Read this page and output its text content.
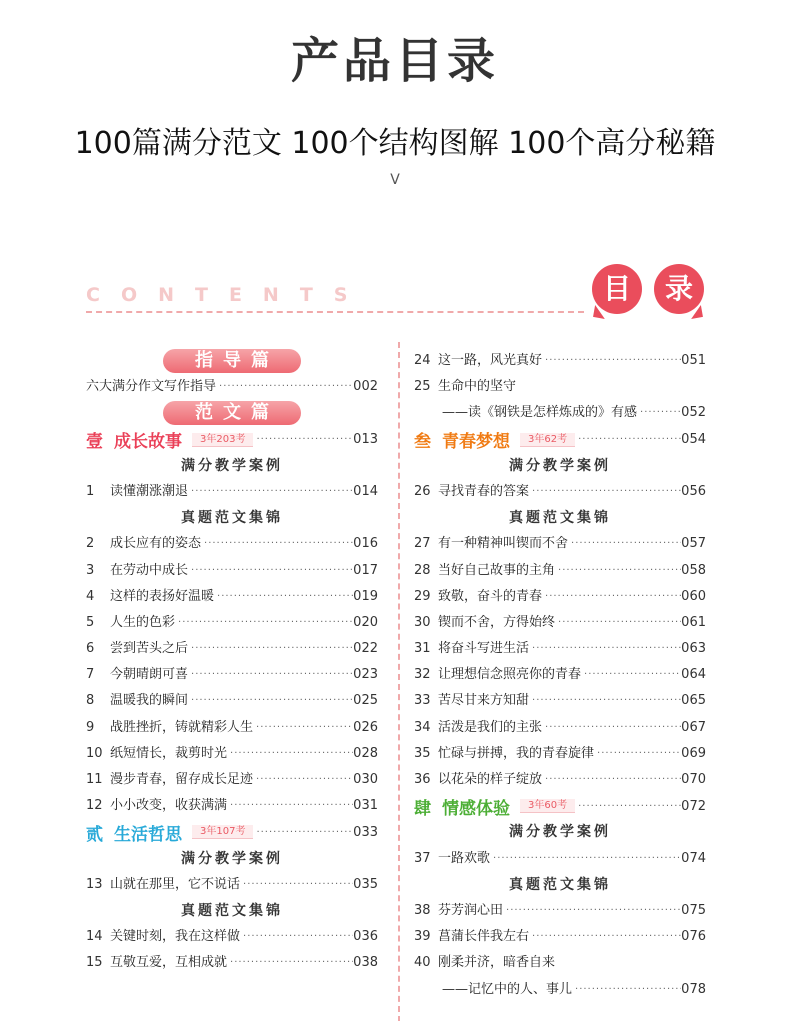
产品目录
100篇满分范文 100个结构图解 100个高分秘籍
V
CONTENTS	目	录
指导篇
六大满分作文写作指导 ·····	002
范文篇
壹 成长故事	3年203考 ·····	013
满分教学案例
1	读懂潮涨潮退 ·····	014
真题范文集锦
2	成长应有的姿态 ·····	016
3	在劳动中成长 ·····	017
4	这样的表扬好温暖 ·····	019
5	人生的色彩 ·····	020
6	尝到苦头之后 ·····	022
7	今朝晴朗可喜 ·····	023
8	温暖我的瞬间 ·····	025
9	战胜挫折，铸就精彩人生 ·····	026
10 纸短情长，裁剪时光 ·····	028
11 漫步青春，留存成长足迹 ·····	030
12 小小改变，收获满满 ·····	031
贰 生活哲思	3年107考 ·····	033
满分教学案例
13 山就在那里，它不说话 ·····	035
真题范文集锦
14 关键时刻，我在这样做 ·····	036
15 互敬互爱，互相成就 ·····	038
24 这一路，风光真好 ·····	051
25 生命中的坚守
——读《钢铁是怎样炼成的》有感 ·····	052
叁 青春梦想	3年62考 ·····	054
满分教学案例
26 寻找青春的答案 ·····	056
真题范文集锦
27 有一种精神叫锲而不舍 ·····	057
28 当好自己故事的主角 ·····	058
29 致敬，奋斗的青春 ·····	060
30 锲而不舍，方得始终 ·····	061
31 将奋斗写进生活 ·····	063
32 让理想信念照亮你的青春 ·····	064
33 苦尽甘来方知甜 ·····	065
34 活泼是我们的主张 ·····	067
35 忙碌与拼搏，我的青春旋律 ·····	069
36 以花朵的样子绽放 ·····	070
肆 情感体验	3年60考 ·····	072
满分教学案例
37 一路欢歌 ·····	074
真题范文集锦
38 芬芳润心田 ·····	075
39 菖蒲长伴我左右 ·····	076
40 刚柔并济，暗香自来
——记忆中的人、事儿 ·····	078
